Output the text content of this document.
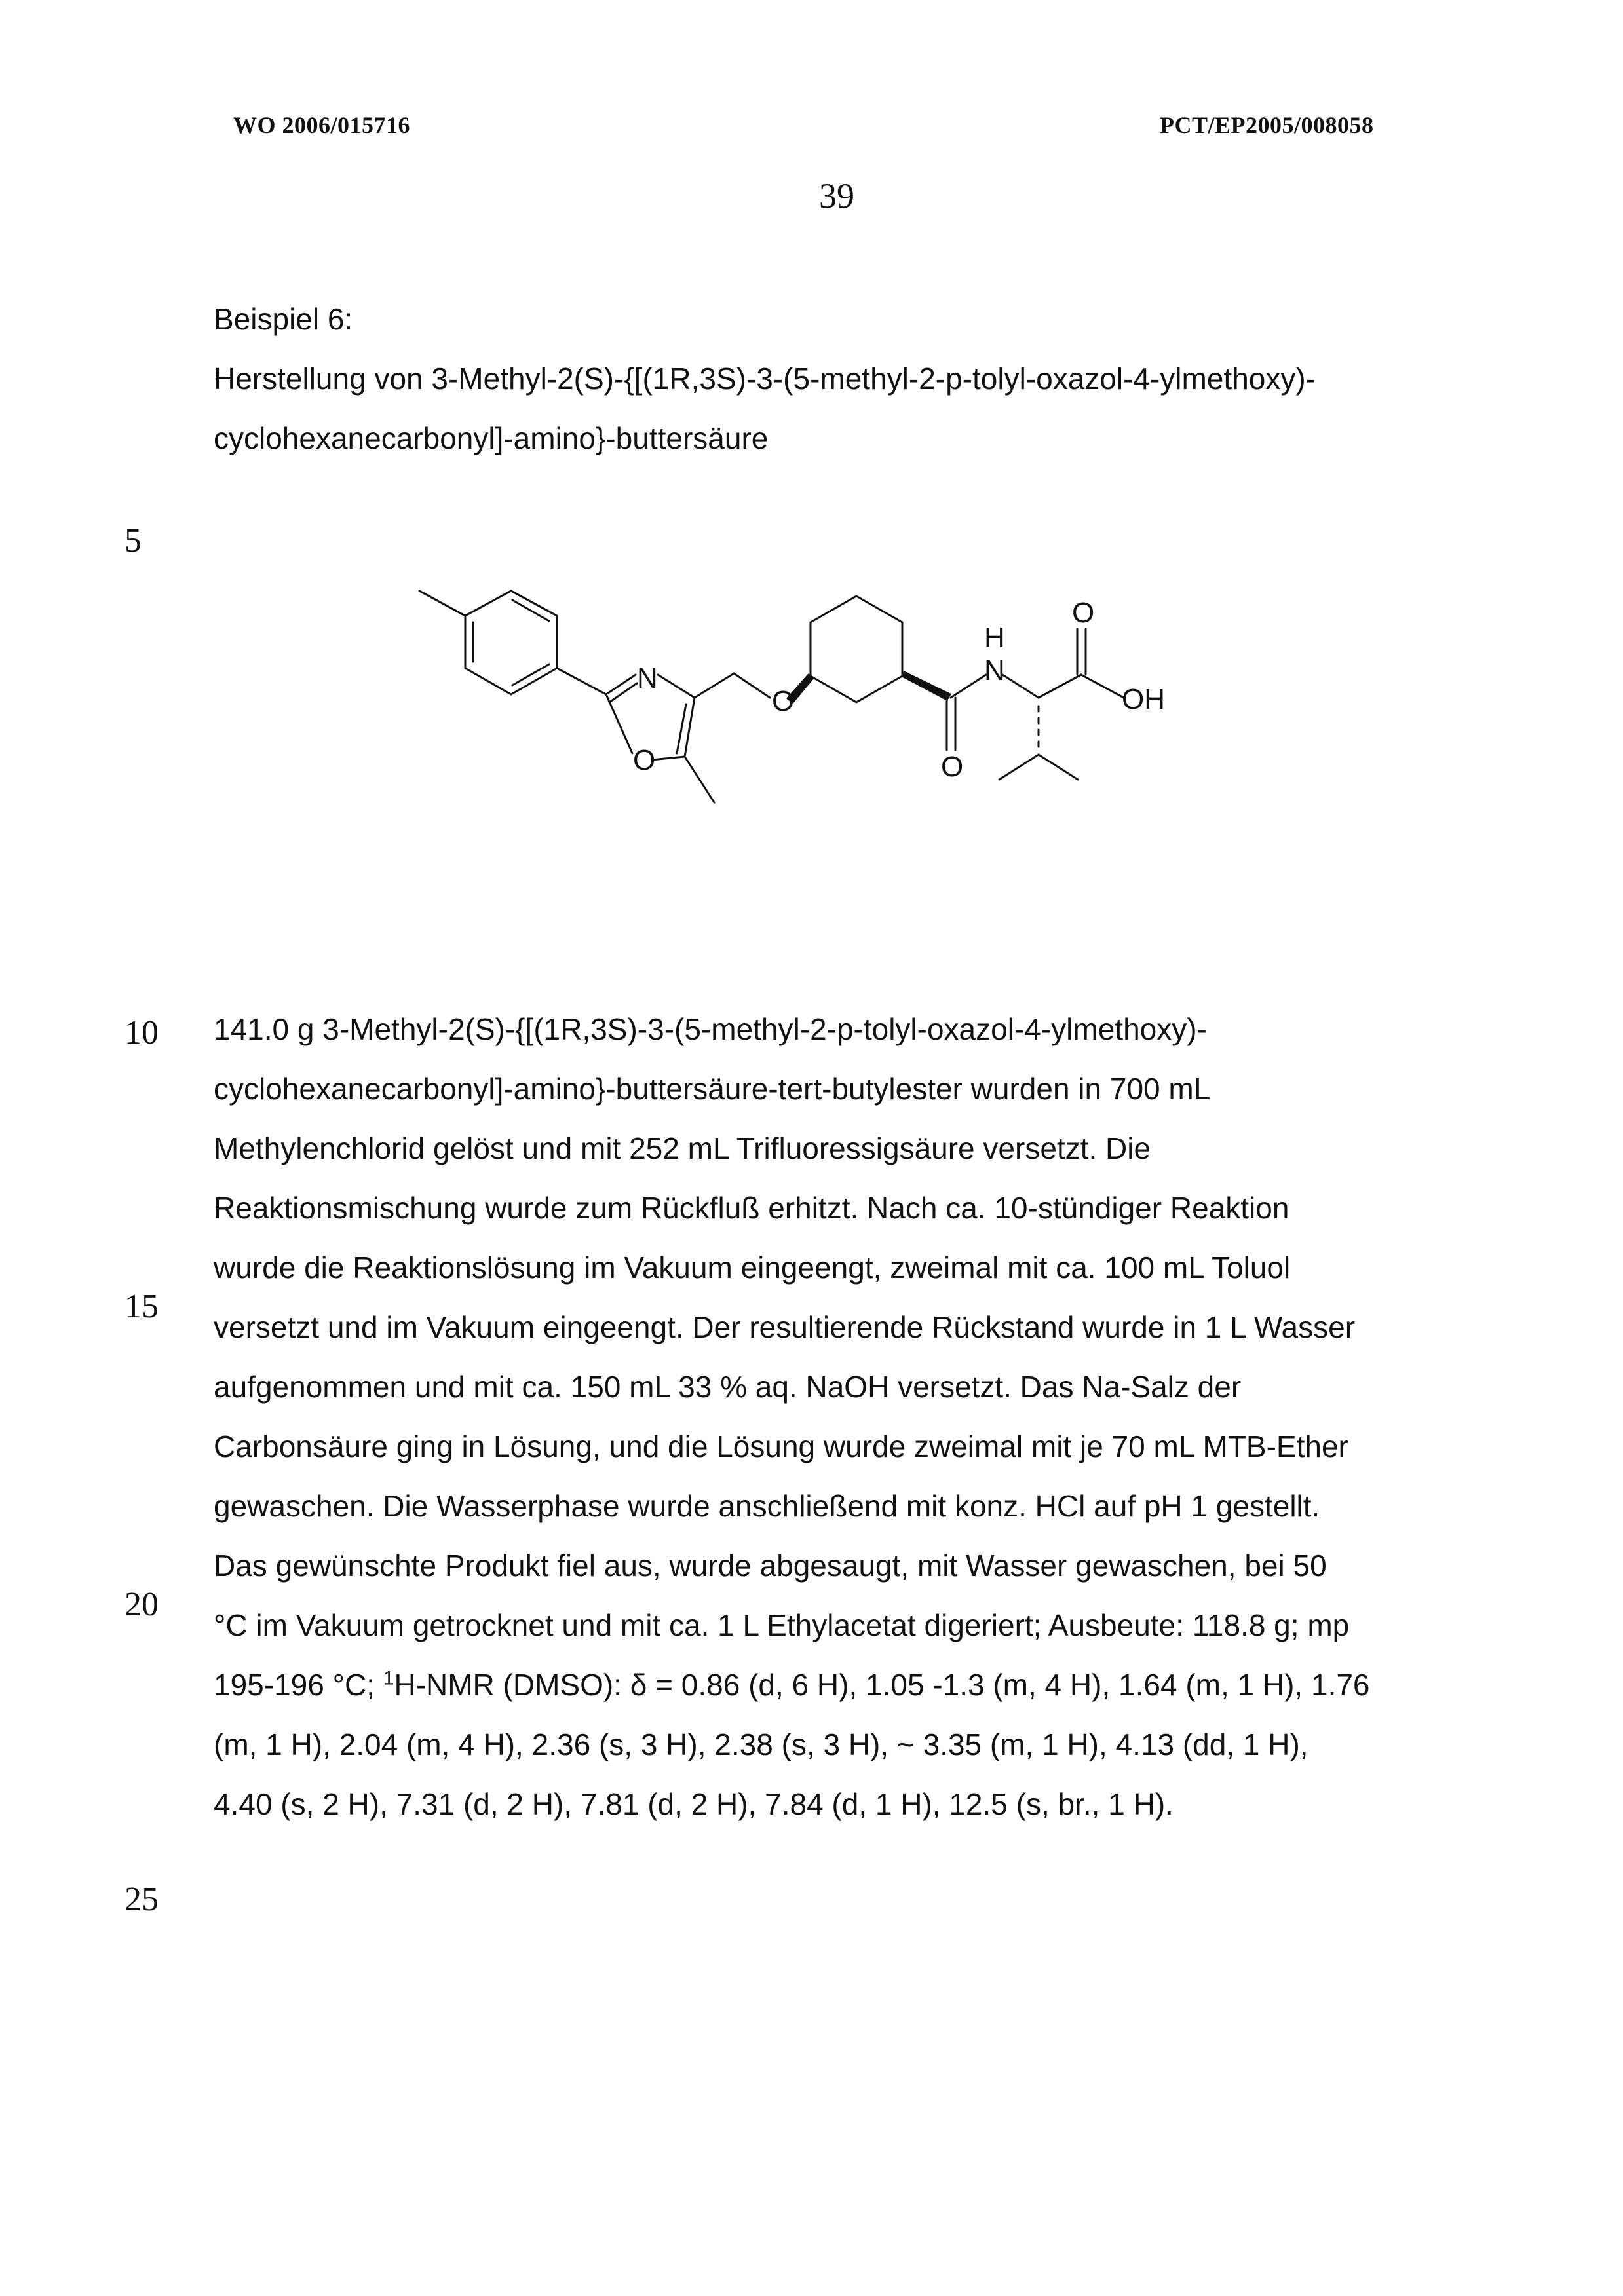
WO 2006/015716	PCT/EP2005/008058
39
Beispiel 6:
Herstellung von 3-Methyl-2(S)-{[(1R,3S)-3-(5-methyl-2-p-tolyl-oxazol-4-ylmethoxy)-
cyclohexanecarbonyl]-amino}-buttersäure
5
N
O
O
O
H
N
O
OH
10
15
20
25
141.0 g 3-Methyl-2(S)-{[(1R,3S)-3-(5-methyl-2-p-tolyl-oxazol-4-ylmethoxy)-
cyclohexanecarbonyl]-amino}-buttersäure-tert-butylester wurden in 700 mL
Methylenchlorid gelöst und mit 252 mL Trifluoressigsäure versetzt. Die
Reaktionsmischung wurde zum Rückfluß erhitzt. Nach ca. 10-stündiger Reaktion
wurde die Reaktionslösung im Vakuum eingeengt, zweimal mit ca. 100 mL Toluol
versetzt und im Vakuum eingeengt. Der resultierende Rückstand wurde in 1 L Wasser
aufgenommen und mit ca. 150 mL 33 % aq. NaOH versetzt. Das Na-Salz der
Carbonsäure ging in Lösung, und die Lösung wurde zweimal mit je 70 mL MTB-Ether
gewaschen. Die Wasserphase wurde anschließend mit konz. HCl auf pH 1 gestellt.
Das gewünschte Produkt fiel aus, wurde abgesaugt, mit Wasser gewaschen, bei 50
°C im Vakuum getrocknet und mit ca. 1 L Ethylacetat digeriert; Ausbeute: 118.8 g; mp
195-196 °C; $^1$H-NMR (DMSO): δ = 0.86 (d, 6 H), 1.05 -1.3 (m, 4 H), 1.64 (m, 1 H), 1.76
(m, 1 H), 2.04 (m, 4 H), 2.36 (s, 3 H), 2.38 (s, 3 H), ~ 3.35 (m, 1 H), 4.13 (dd, 1 H),
4.40 (s, 2 H), 7.31 (d, 2 H), 7.81 (d, 2 H), 7.84 (d, 1 H), 12.5 (s, br., 1 H).
